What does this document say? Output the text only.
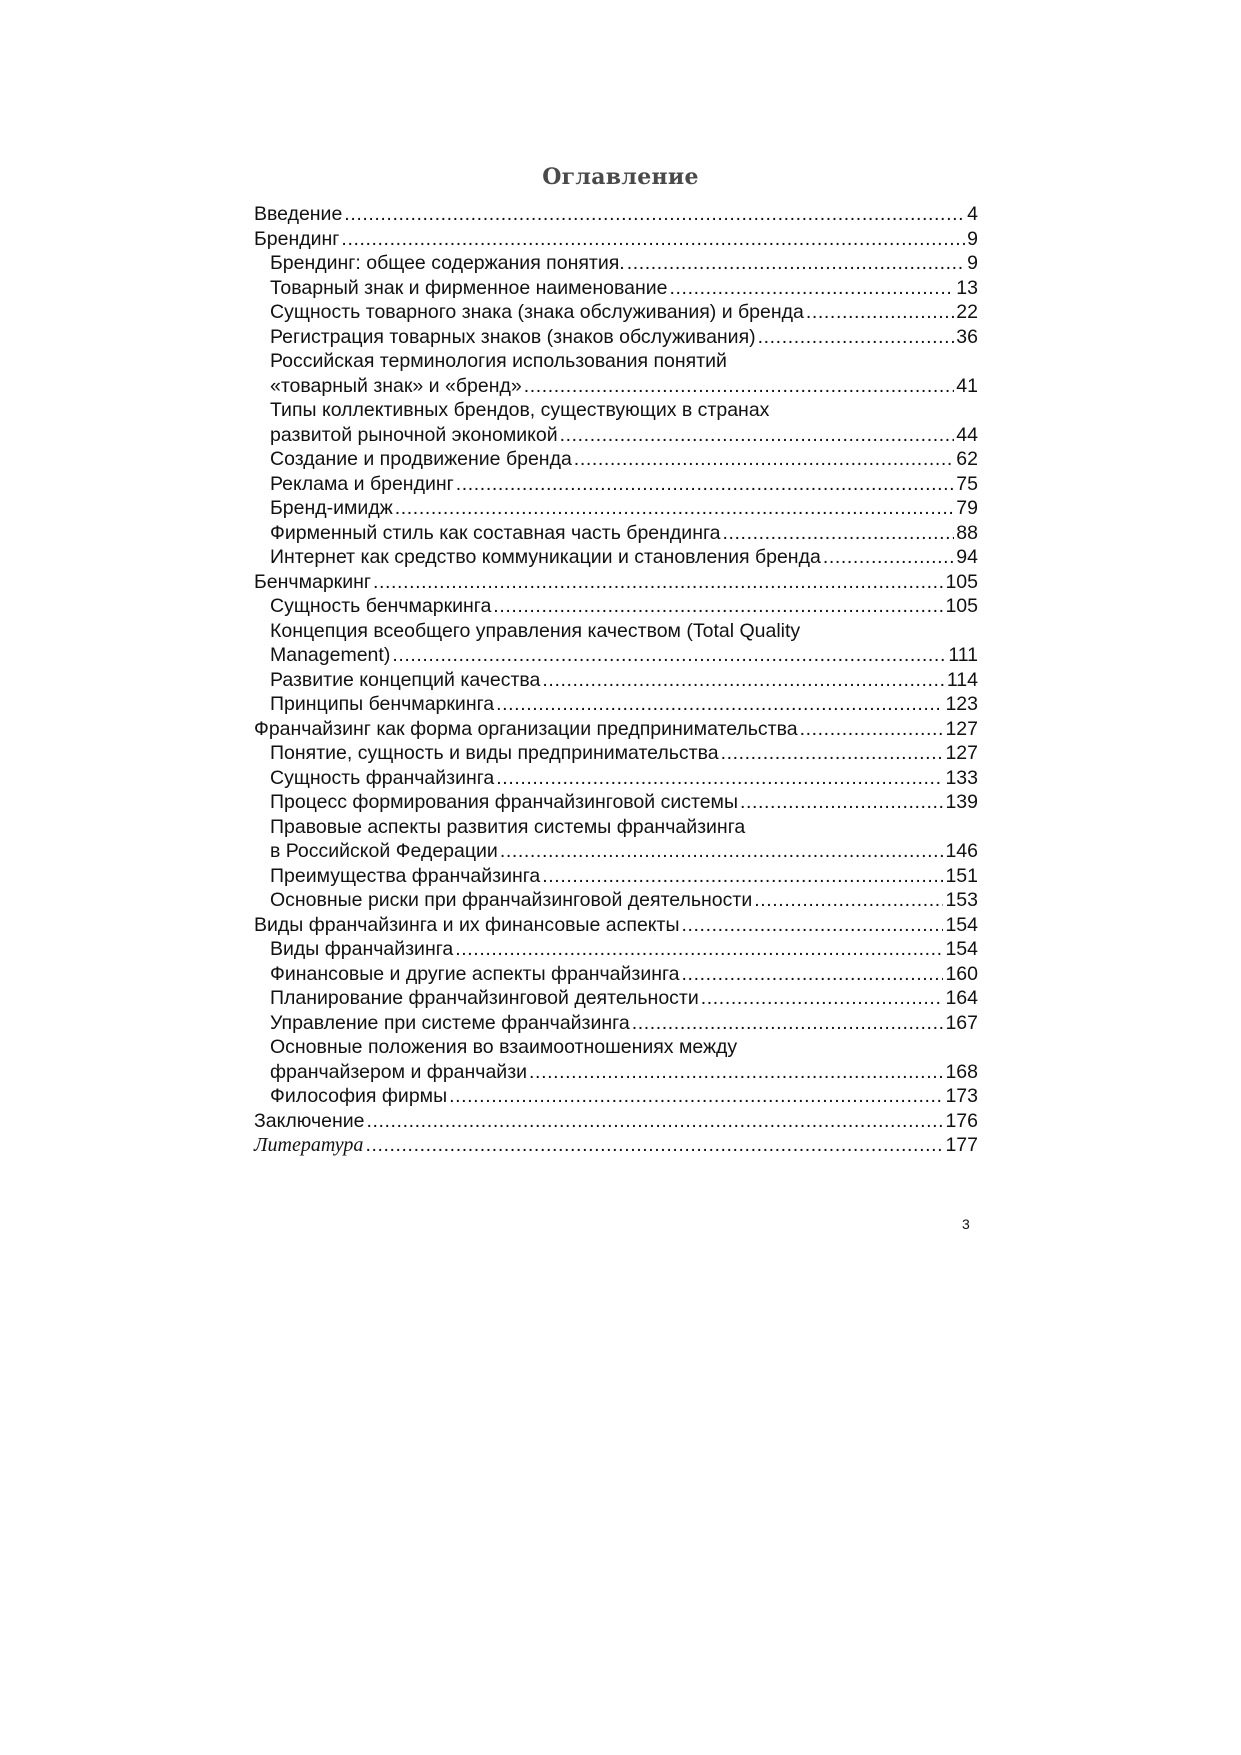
Оглавление
Введение .....	4
Брендинг .....	9
Брендинг: общее содержания понятия. .....	9
Товарный знак и фирменное наименование .....	13
Сущность товарного знака (знака обслуживания) и бренда .....	22
Регистрация товарных знаков (знаков обслуживания) .....	36
Российская терминология использования понятий
«товарный знак» и «бренд» .....	41
Типы коллективных брендов, существующих в странах
развитой рыночной экономикой .....	44
Создание и продвижение бренда .....	62
Реклама и брендинг .....	75
Бренд-имидж .....	79
Фирменный стиль как составная часть брендинга .....	88
Интернет как средство коммуникации и становления бренда .....	94
Бенчмаркинг .....	105
Сущность бенчмаркинга .....	105
Концепция всеобщего управления качеством (Total Quality
Management) .....	111
Развитие концепций качества .....	114
Принципы бенчмаркинга .....	123
Франчайзинг как форма организации предпринимательства .....	127
Понятие, сущность и виды предпринимательства .....	127
Сущность франчайзинга .....	133
Процесс формирования франчайзинговой системы .....	139
Правовые аспекты развития системы франчайзинга
в Российской Федерации .....	146
Преимущества франчайзинга .....	151
Основные риски при франчайзинговой деятельности .....	153
Виды франчайзинга и их финансовые аспекты .....	154
Виды франчайзинга .....	154
Финансовые и другие аспекты франчайзинга .....	160
Планирование франчайзинговой деятельности .....	164
Управление при системе франчайзинга .....	167
Основные положения во взаимоотношениях между
франчайзером и франчайзи .....	168
Философия фирмы .....	173
Заключение .....	176
Литература .....	177
3
